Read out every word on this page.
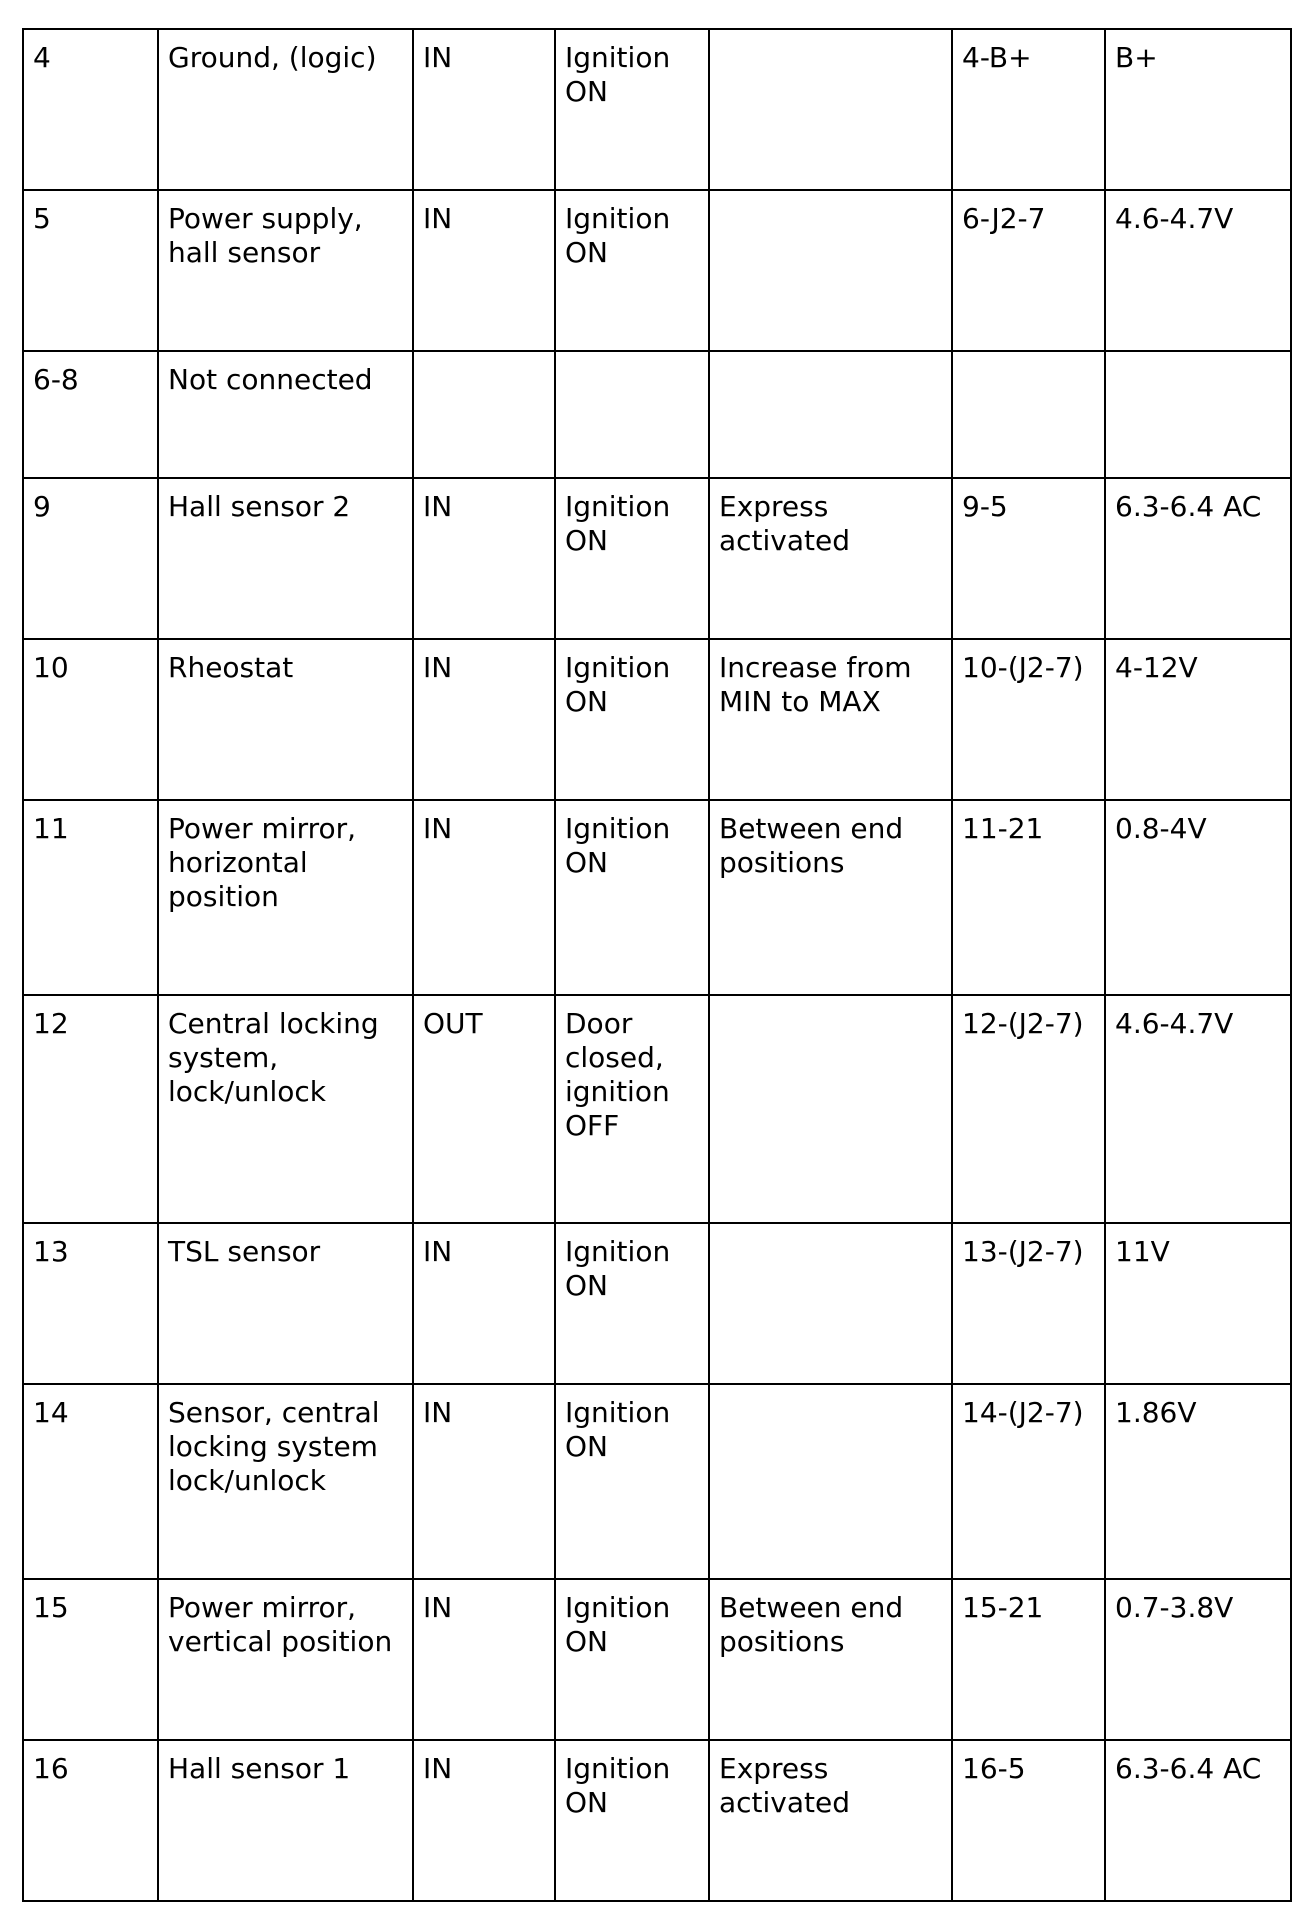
4	Ground, (logic)	IN	Ignition ON		4-B+	B+
5	Power supply, hall sensor	IN	Ignition ON		6-J2-7	4.6-4.7V
6-8	Not connected					
9	Hall sensor 2	IN	Ignition ON	Express activated	9-5	6.3-6.4 AC
10	Rheostat	IN	Ignition ON	Increase from MIN to MAX	10-(J2-7)	4-12V
11	Power mirror, horizontal position	IN	Ignition ON	Between end positions	11-21	0.8-4V
12	Central locking system, lock/unlock	OUT	Door closed, ignition OFF		12-(J2-7)	4.6-4.7V
13	TSL sensor	IN	Ignition ON		13-(J2-7)	11V
14	Sensor, central locking system lock/unlock	IN	Ignition ON		14-(J2-7)	1.86V
15	Power mirror, vertical position	IN	Ignition ON	Between end positions	15-21	0.7-3.8V
16	Hall sensor 1	IN	Ignition ON	Express activated	16-5	6.3-6.4 AC
